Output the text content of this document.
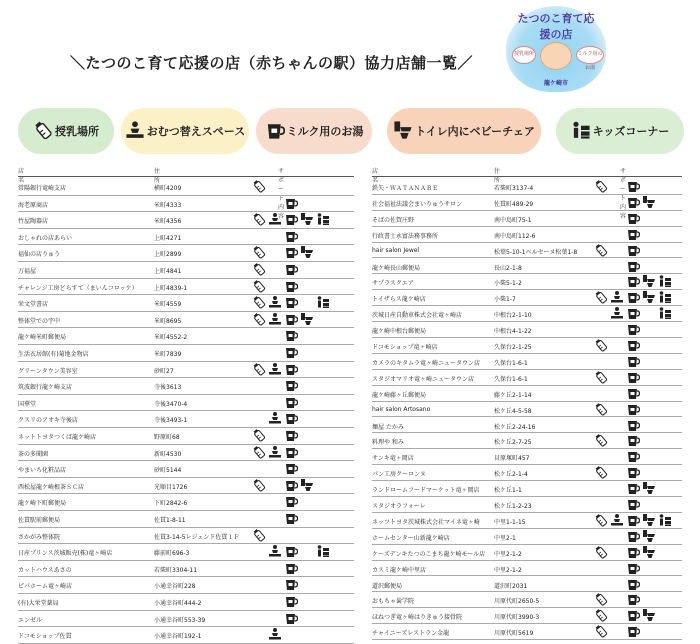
＼たつのこ育て応援の店（赤ちゃんの駅）協力店舗一覧／
たつのこ育て応援の店
授乳場所	ミルク用のお湯
龍ケ崎市
授乳場所	おむつ替えスペース	ミルク用のお湯	トイレ内にベビーチェア	キッズコーナー
店名
住所
サポート内容
常陽銀行竜崎支店	横町4209
海老原商店	米町4333
竹屋陶器店	米町4356
おしゃれの店あらい	上町4271
福仙の店りゅう	上町2899
万福屋	上町4841
チャレンジ工房どらすて（まいんコロッケ）	上町4839-1
栄文堂書店	米町4559
整体堂での宇中	米町8695
龍ケ崎米町郵便局	米町4552-2
生活衣居館(有)菊地金物店	米町7839
グリーンタウン美容室	砂町27
筑波銀行龍ケ崎支店	寺後3613
国華堂	寺後3470-4
クスリのアオキ寺後店	寺後3493-1
ネットトヨタつくば龍ケ崎店	野原町68
茶の多聞園	新町4530
やまいち化粧品店	砂町5144
西松屋龍ケ崎根茶ＳＣ店	光順目1726
龍ケ崎下町郵便局	下町2842-6
佐貫駅前郵便局	佐貫1-8-11
さかがみ整体院	佐貫3-14-5レジェンド佐貫１Ｆ
日産プリンス茨城販売(株)竜ヶ崎店	藤前町696-3
カットハウスあさの	若柴町3304-11
ピパホーム竜ヶ崎店	小通幸谷町228
(有)大栄堂薬局	小通幸谷町444-2
エンゼル	小通幸谷町553-39
ドコモショップ佐貫	小通幸谷町192-1
店名
住所
サポート内容
鉄矢・ＷＡＴＡＮＡＢＥ	若柴町3137-4
社会福祉法議会まいりゅうサロン	佐貫町489-29
そばの佐賀庄野	南中島町75-1
行政書士永富法務事務所	南中島町112-6
hair salon Jewel	松葉5-10-1ベルセーヌ松葉1-8
龍ケ崎長山郵便局	長山2-1-8
サプラスクエア	小柴5-1-2
トイザらス龍ケ崎店	小柴1-7
茨城日産自動車株式会社竜ヶ崎店	中根台2-1-10
龍ケ崎中根台郵便局	中根台4-1-22
ドコモショップ竜ヶ崎店	久保台2-1-25
カメラのキタムラ竜ヶ崎ニュータウン店 久保台1-6-1
スタジオマリオ竜ヶ崎ニュータウン店	久保台1-6-1
龍ケ崎藤ヶ丘郵便局	藤ケ丘2-1-14
hair salon Artosano	松ケ丘4-5-58
麺屋 たかみ	松ケ丘2-24-16
料理や 和み	松ケ丘2-7-25
サンキ竜ヶ岡店	貝原塚町457
パン工房クーロンヌ	松ケ丘2-1-4
ランドロームフードマーケット竜ヶ岡店 松ケ丘1-1
スタジオラフォーレ	松ケ丘1-2-23
ネッツトヨタ茨城株式会社マイネ竜ヶ崎 中里1-1-15
ホームセンター山新龍ケ崎店	中里2-1
ケーズデンキたつのこまち龍ケ崎モール店 中里2-1-2
カスミ龍ケ崎中里店	中里2-1-2
道沢郵便局	道沢町2031
おもちゃ歯学院	川原代町2650-5
ほねつぎ竜ヶ崎はりきゅう接骨院	川原代町3990-3
チャイニーズレストラン金龍	川原代町5619
